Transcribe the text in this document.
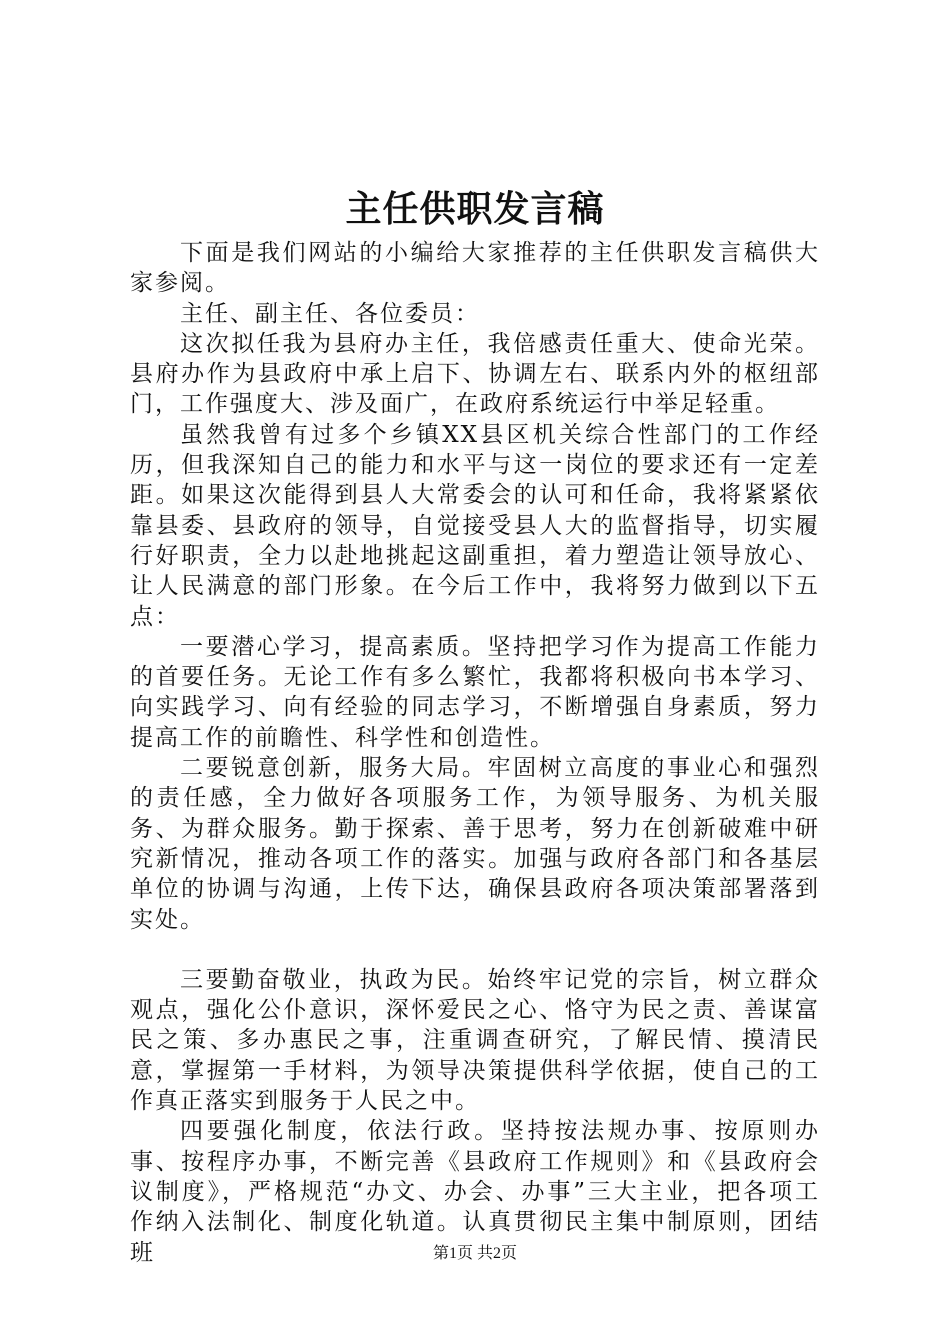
主任供职发言稿

下面是我们网站的小编给大家推荐的主任供职发言稿供大家参阅。

主任、副主任、各位委员：

这次拟任我为县府办主任，我倍感责任重大、使命光荣。县府办作为县政府中承上启下、协调左右、联系内外的枢纽部门，工作强度大、涉及面广，在政府系统运行中举足轻重。

虽然我曾有过多个乡镇XX县区机关综合性部门的工作经历，但我深知自己的能力和水平与这一岗位的要求还有一定差距。如果这次能得到县人大常委会的认可和任命，我将紧紧依靠县委、县政府的领导，自觉接受县人大的监督指导，切实履行好职责，全力以赴地挑起这副重担，着力塑造让领导放心、让人民满意的部门形象。在今后工作中，我将努力做到以下五点：

一要潜心学习，提高素质。坚持把学习作为提高工作能力的首要任务。无论工作有多么繁忙，我都将积极向书本学习、向实践学习、向有经验的同志学习，不断增强自身素质，努力提高工作的前瞻性、科学性和创造性。

二要锐意创新，服务大局。牢固树立高度的事业心和强烈的责任感，全力做好各项服务工作，为领导服务、为机关服务、为群众服务。勤于探索、善于思考，努力在创新破难中研究新情况，推动各项工作的落实。加强与政府各部门和各基层单位的协调与沟通，上传下达，确保县政府各项决策部署落到实处。

三要勤奋敬业，执政为民。始终牢记党的宗旨，树立群众观点，强化公仆意识，深怀爱民之心、恪守为民之责、善谋富民之策、多办惠民之事，注重调查研究，了解民情、摸清民意，掌握第一手材料，为领导决策提供科学依据，使自己的工作真正落实到服务于人民之中。

四要强化制度，依法行政。坚持按法规办事、按原则办事、按程序办事，不断完善《县政府工作规则》和《县政府会议制度》，严格规范“办文、办会、办事”三大主业，把各项工作纳入法制化、制度化轨道。认真贯彻民主集中制原则，团结班	第1页 共2页
